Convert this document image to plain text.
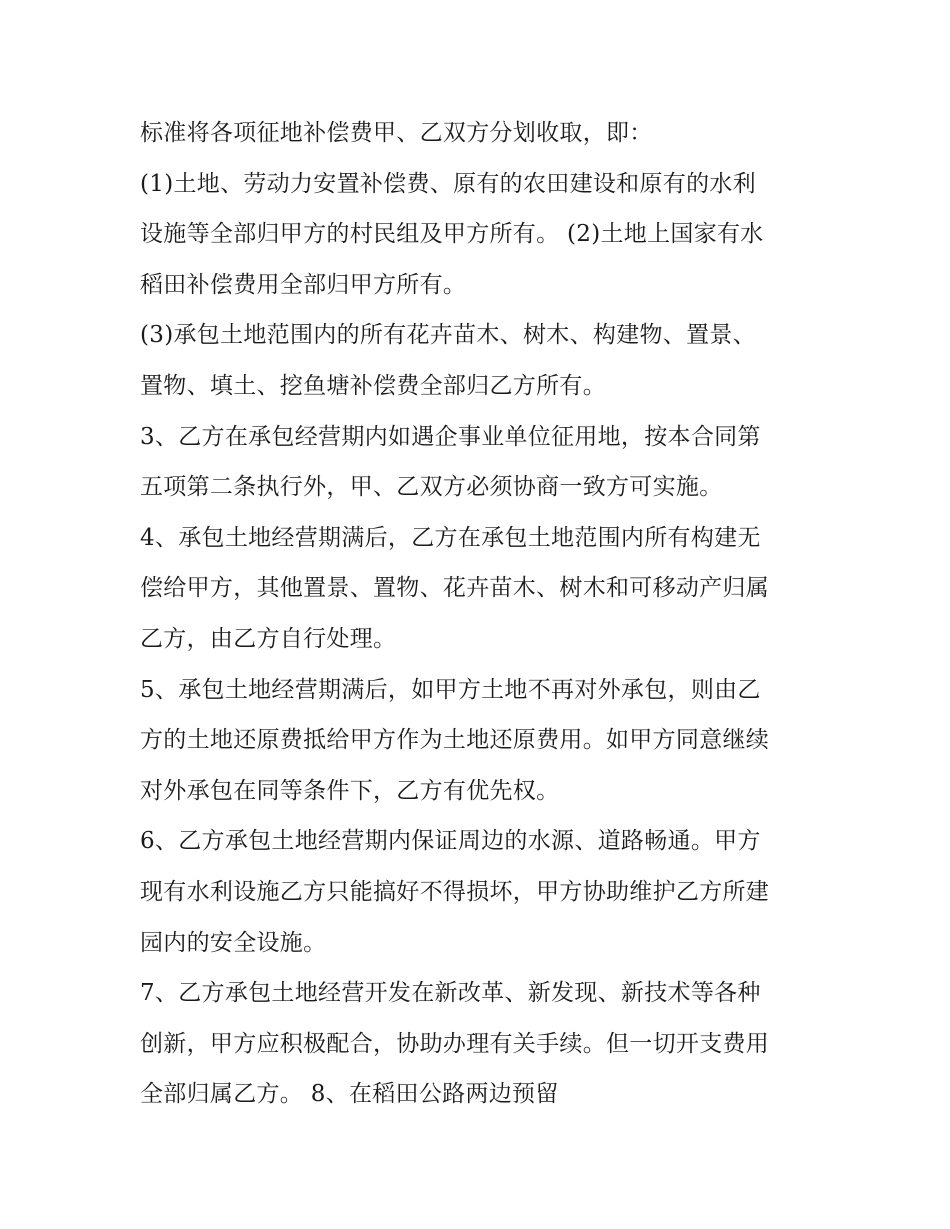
标准将各项征地补偿费甲、乙双方分划收取，即：
(1)土地、劳动力安置补偿费、原有的农田建设和原有的水利
设施等全部归甲方的村民组及甲方所有。 (2)土地上国家有水
稻田补偿费用全部归甲方所有。
(3)承包土地范围内的所有花卉苗木、树木、构建物、置景、
置物、填土、挖鱼塘补偿费全部归乙方所有。
3、乙方在承包经营期内如遇企事业单位征用地，按本合同第
五项第二条执行外，甲、乙双方必须协商一致方可实施。
4、承包土地经营期满后，乙方在承包土地范围内所有构建无
偿给甲方，其他置景、置物、花卉苗木、树木和可移动产归属
乙方，由乙方自行处理。
5、承包土地经营期满后，如甲方土地不再对外承包，则由乙
方的土地还原费抵给甲方作为土地还原费用。如甲方同意继续
对外承包在同等条件下，乙方有优先权。
6、乙方承包土地经营期内保证周边的水源、道路畅通。甲方
现有水利设施乙方只能搞好不得损坏，甲方协助维护乙方所建
园内的安全设施。
7、乙方承包土地经营开发在新改革、新发现、新技术等各种
创新，甲方应积极配合，协助办理有关手续。但一切开支费用
全部归属乙方。 8、在稻田公路两边预留
